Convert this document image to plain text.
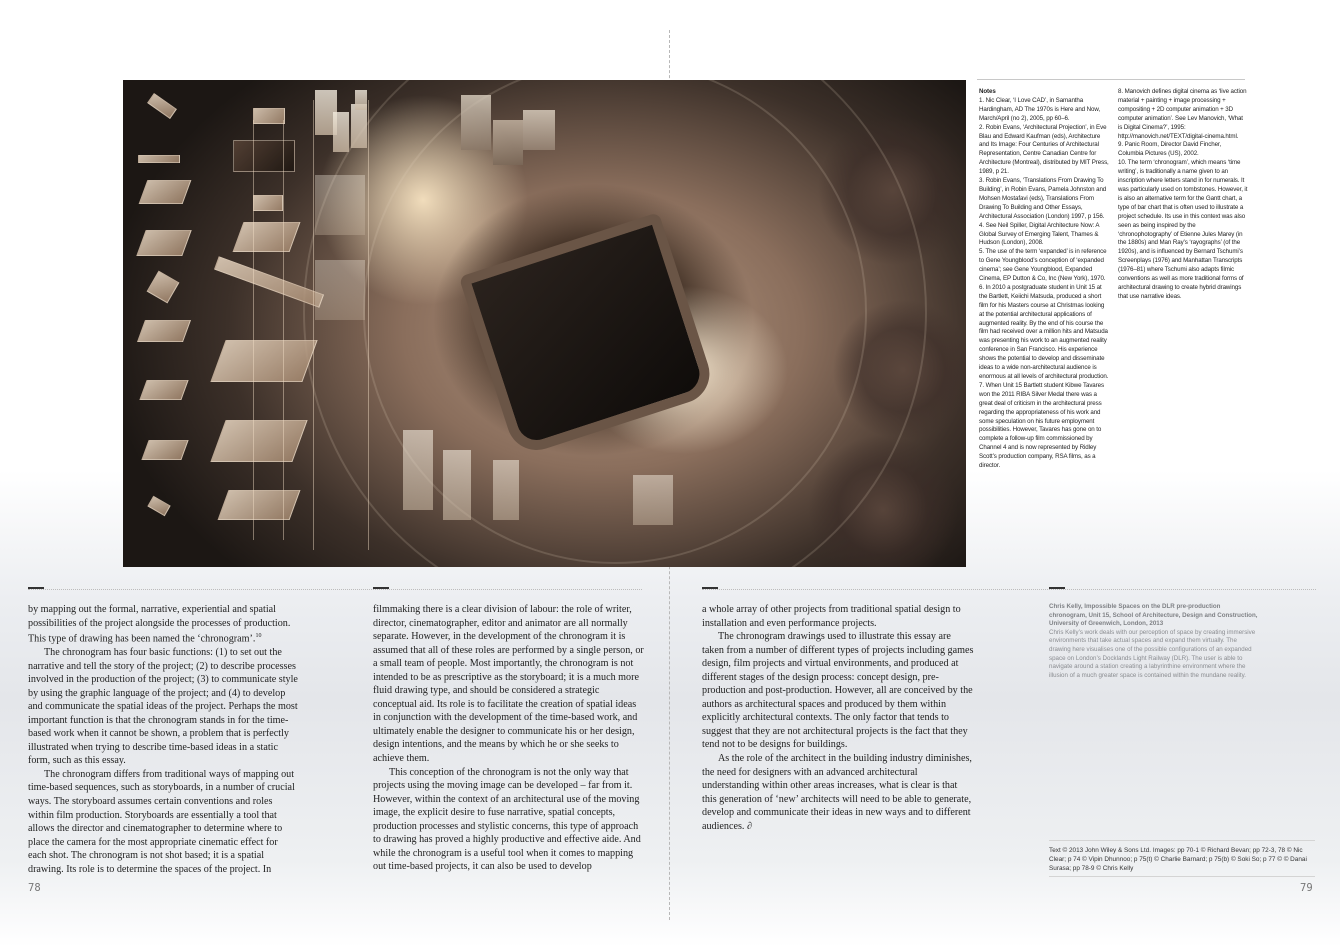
Notes

1. Nic Clear, ‘I Love CAD’, in Samantha Hardingham, AD The 1970s is Here and Now, March/April (no 2), 2005, pp 60–6.

2. Robin Evans, ‘Architectural Projection’, in Eve Blau and Edward Kaufman (eds), Architecture and Its Image: Four Centuries of Architectural Representation, Centre Canadian Centre for Architecture (Montreal), distributed by MIT Press, 1989, p 21.

3. Robin Evans, ‘Translations From Drawing To Building’, in Robin Evans, Pamela Johnston and Mohsen Mostafavi (eds), Translations From Drawing To Building and Other Essays, Architectural Association (London) 1997, p 156.

4. See Neil Spiller, Digital Architecture Now: A Global Survey of Emerging Talent, Thames & Hudson (London), 2008.

5. The use of the term ‘expanded’ is in reference to Gene Youngblood’s conception of ‘expanded cinema’; see Gene Youngblood, Expanded Cinema, EP Dutton & Co, Inc (New York), 1970.

6. In 2010 a postgraduate student in Unit 15 at the Bartlett, Keiichi Matsuda, produced a short film for his Masters course at Christmas looking at the potential architectural applications of augmented reality. By the end of his course the film had received over a million hits and Matsuda was presenting his work to an augmented reality conference in San Francisco. His experience shows the potential to develop and disseminate ideas to a wide non-architectural audience is enormous at all levels of architectural production.

7. When Unit 15 Bartlett student Kibwe Tavares won the 2011 RIBA Silver Medal there was a great deal of criticism in the architectural press regarding the appropriateness of his work and some speculation on his future employment possibilities. However, Tavares has gone on to complete a follow-up film commissioned by Channel 4 and is now represented by Ridley Scott’s production company, RSA films, as a director.

8. Manovich defines digital cinema as ‘live action material + painting + image processing + compositing + 2D computer animation + 3D computer animation’. See Lev Manovich, ‘What is Digital Cinema?’, 1995: http://manovich.net/TEXT/digital-cinema.html.

9. Panic Room, Director David Fincher, Columbia Pictures (US), 2002.

10. The term ‘chronogram’, which means ‘time writing’, is traditionally a name given to an inscription where letters stand in for numerals. It was particularly used on tombstones. However, it is also an alternative term for the Gantt chart, a type of bar chart that is often used to illustrate a project schedule. Its use in this context was also seen as being inspired by the ‘chronophotography’ of Etienne Jules Marey (in the 1880s) and Man Ray’s ‘rayographs’ (of the 1920s), and is influenced by Bernard Tschumi’s Screenplays (1976) and Manhattan Transcripts (1976–81) where Tschumi also adapts filmic conventions as well as more traditional forms of architectural drawing to create hybrid drawings that use narrative ideas.

by mapping out the formal, narrative, experiential and spatial possibilities of the project alongside the processes of production. This type of drawing has been named the ‘chronogram’.$^{10}$

The chronogram has four basic functions: (1) to set out the narrative and tell the story of the project; (2) to describe processes involved in the production of the project; (3) to communicate style by using the graphic language of the project; and (4) to develop and communicate the spatial ideas of the project. Perhaps the most important function is that the chronogram stands in for the time-based work when it cannot be shown, a problem that is perfectly illustrated when trying to describe time-based ideas in a static form, such as this essay.

The chronogram differs from traditional ways of mapping out time-based sequences, such as storyboards, in a number of crucial ways. The storyboard assumes certain conventions and roles within film production. Storyboards are essentially a tool that allows the director and cinematographer to determine where to place the camera for the most appropriate cinematic effect for each shot. The chronogram is not shot based; it is a spatial drawing. Its role is to determine the spaces of the project. In

filmmaking there is a clear division of labour: the role of writer, director, cinematographer, editor and animator are all normally separate. However, in the development of the chronogram it is assumed that all of these roles are performed by a single person, or a small team of people. Most importantly, the chronogram is not intended to be as prescriptive as the storyboard; it is a much more fluid drawing type, and should be considered a strategic conceptual aid. Its role is to facilitate the creation of spatial ideas in conjunction with the development of the time-based work, and ultimately enable the designer to communicate his or her design, design intentions, and the means by which he or she seeks to achieve them.

This conception of the chronogram is not the only way that projects using the moving image can be developed – far from it. However, within the context of an architectural use of the moving image, the explicit desire to fuse narrative, spatial concepts, production processes and stylistic concerns, this type of approach to drawing has proved a highly productive and effective aide. And while the chronogram is a useful tool when it comes to mapping out time-based projects, it can also be used to develop

a whole array of other projects from traditional spatial design to installation and even performance projects.

The chronogram drawings used to illustrate this essay are taken from a number of different types of projects including games design, film projects and virtual environments, and produced at different stages of the design process: concept design, pre-production and post-production. However, all are conceived by the authors as architectural spaces and produced by them within explicitly architectural contexts. The only factor that tends to suggest that they are not architectural projects is the fact that they tend not to be designs for buildings.

As the role of the architect in the building industry diminishes, the need for designers with an advanced architectural understanding within other areas increases, what is clear is that this generation of ‘new’ architects will need to be able to generate, develop and communicate their ideas in new ways and to different audiences. ∂

Chris Kelly, Impossible Spaces on the DLR pre-production chronogram, Unit 15, School of Architecture, Design and Construction, University of Greenwich, London, 2013
Chris Kelly’s work deals with our perception of space by creating immersive environments that take actual spaces and expand them virtually. The drawing here visualises one of the possible configurations of an expanded space on London’s Docklands Light Railway (DLR). The user is able to navigate around a station creating a labyrinthine environment where the illusion of a much greater space is contained within the mundane reality.
Text © 2013 John Wiley & Sons Ltd. Images: pp 70-1 © Richard Bevan; pp 72-3, 78 © Nic Clear; p 74 © Vipin Dhunnoo; p 75(t) © Charlie Barnard; p 75(b) © Soki So; p 77 © © Danai Surasa; pp 78-9 © Chris Kelly
78	79
